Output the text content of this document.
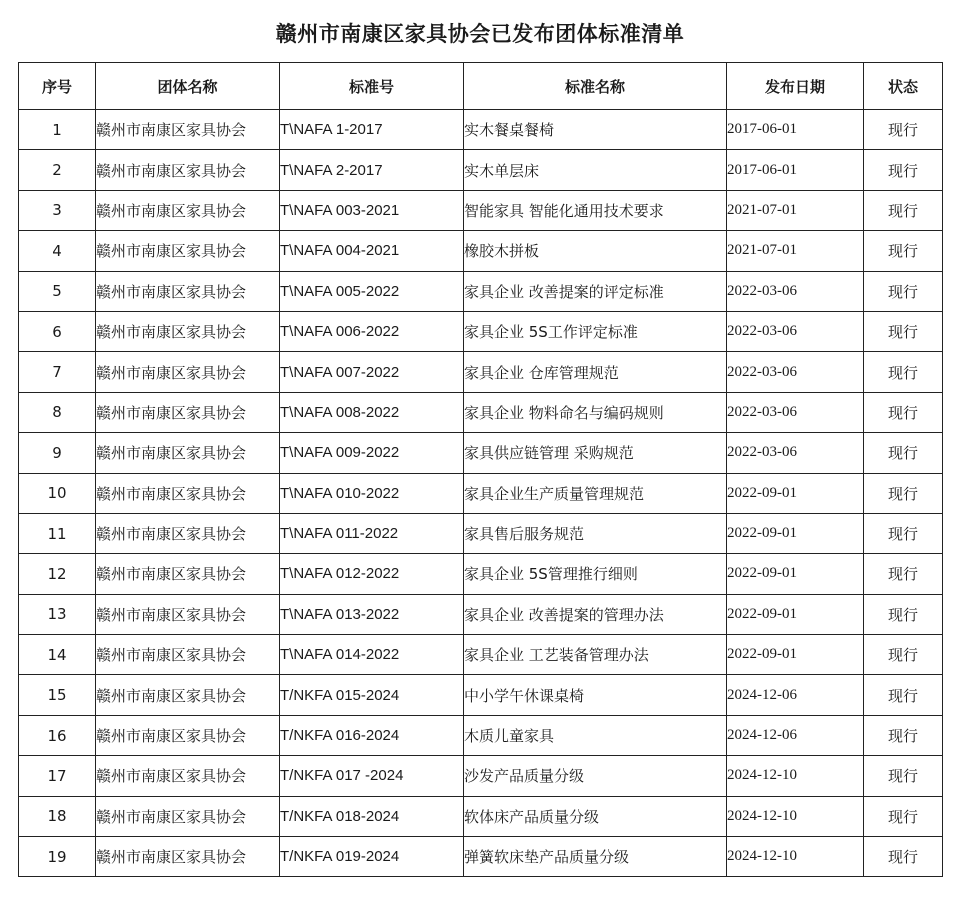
赣州市南康区家具协会已发布团体标准清单
序号	团体名称	标准号	标准名称	发布日期	状态
1	赣州市南康区家具协会	T\NAFA 1-2017	实木餐桌餐椅	2017-06-01	现行
2	赣州市南康区家具协会	T\NAFA 2-2017	实木单层床	2017-06-01	现行
3	赣州市南康区家具协会	T\NAFA 003-2021	智能家具 智能化通用技术要求	2021-07-01	现行
4	赣州市南康区家具协会	T\NAFA 004-2021	橡胶木拼板	2021-07-01	现行
5	赣州市南康区家具协会	T\NAFA 005-2022	家具企业 改善提案的评定标准	2022-03-06	现行
6	赣州市南康区家具协会	T\NAFA 006-2022	家具企业 5S工作评定标准	2022-03-06	现行
7	赣州市南康区家具协会	T\NAFA 007-2022	家具企业 仓库管理规范	2022-03-06	现行
8	赣州市南康区家具协会	T\NAFA 008-2022	家具企业 物料命名与编码规则	2022-03-06	现行
9	赣州市南康区家具协会	T\NAFA 009-2022	家具供应链管理 采购规范	2022-03-06	现行
10	赣州市南康区家具协会	T\NAFA 010-2022	家具企业生产质量管理规范	2022-09-01	现行
11	赣州市南康区家具协会	T\NAFA 011-2022	家具售后服务规范	2022-09-01	现行
12	赣州市南康区家具协会	T\NAFA 012-2022	家具企业 5S管理推行细则	2022-09-01	现行
13	赣州市南康区家具协会	T\NAFA 013-2022	家具企业 改善提案的管理办法	2022-09-01	现行
14	赣州市南康区家具协会	T\NAFA 014-2022	家具企业 工艺装备管理办法	2022-09-01	现行
15	赣州市南康区家具协会	T/NKFA 015-2024	中小学午休课桌椅	2024-12-06	现行
16	赣州市南康区家具协会	T/NKFA 016-2024	木质儿童家具	2024-12-06	现行
17	赣州市南康区家具协会	T/NKFA 017 -2024	沙发产品质量分级	2024-12-10	现行
18	赣州市南康区家具协会	T/NKFA 018-2024	软体床产品质量分级	2024-12-10	现行
19	赣州市南康区家具协会	T/NKFA 019-2024	弹簧软床垫产品质量分级	2024-12-10	现行
